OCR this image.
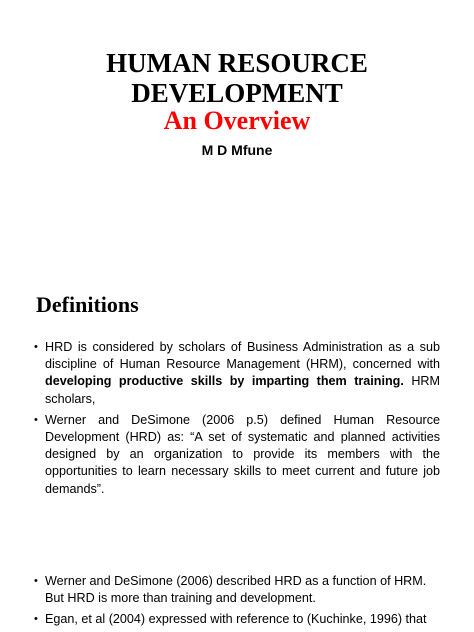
HUMAN RESOURCE
DEVELOPMENT
An Overview
M D Mfune
Definitions
• HRD is considered by scholars of Business Administration as a sub discipline of Human Resource Management (HRM), concerned with developing productive skills by imparting them training. HRM scholars,
• Werner and DeSimone (2006 p.5) defined Human Resource Development (HRD) as: “A set of systematic and planned activities designed by an organization to provide its members with the opportunities to learn necessary skills to meet current and future job demands”.
• Werner and DeSimone (2006) described HRD as a function of HRM. But HRD is more than training and development.
• Egan, et al (2004) expressed with reference to (Kuchinke, 1996) that
